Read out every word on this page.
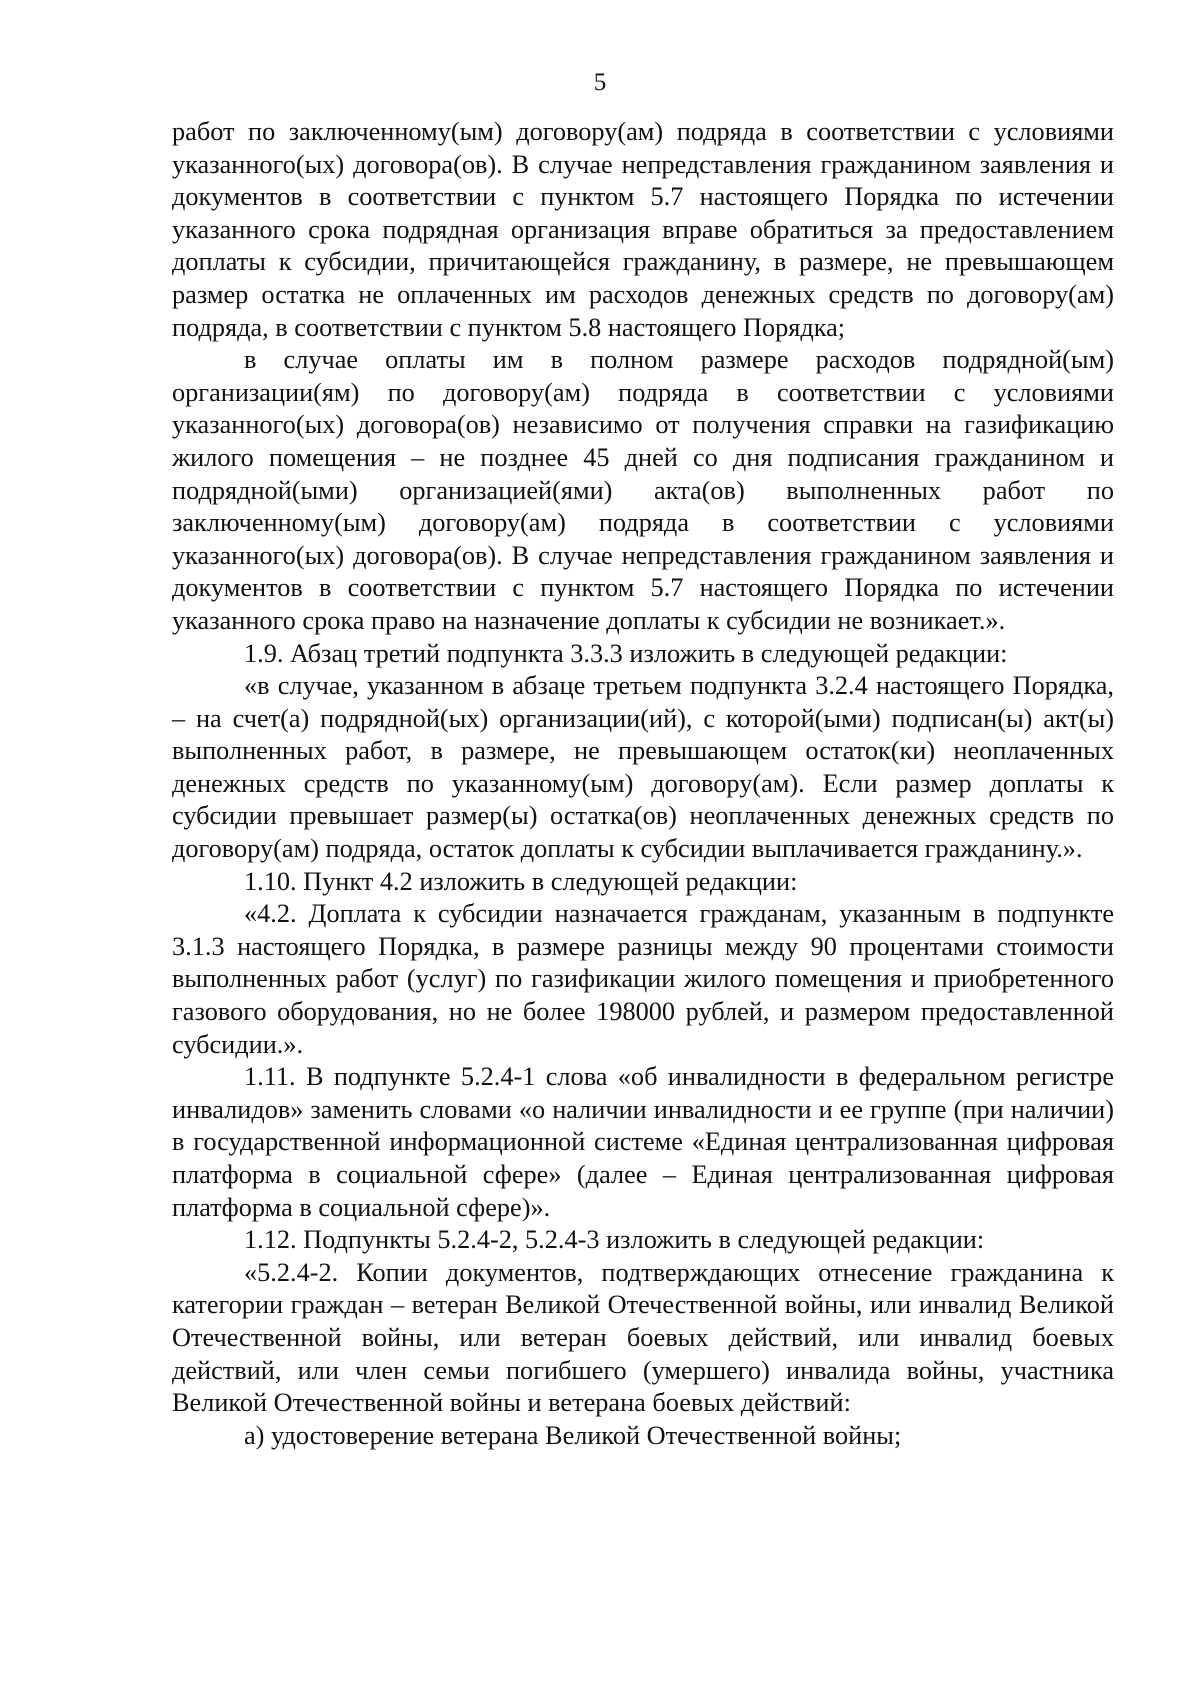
5

работ по заключенному(ым) договору(ам) подряда в соответствии с условиями указанного(ых) договора(ов). В случае непредставления гражданином заявления и документов в соответствии с пунктом 5.7 настоящего Порядка по истечении указанного срока подрядная организация вправе обратиться за предоставлением доплаты к субсидии, причитающейся гражданину, в размере, не превышающем размер остатка не оплаченных им расходов денежных средств по договору(ам) подряда, в соответствии с пунктом 5.8 настоящего Порядка;

в случае оплаты им в полном размере расходов подрядной(ым) организации(ям) по договору(ам) подряда в соответствии с условиями указанного(ых) договора(ов) независимо от получения справки на газификацию жилого помещения – не позднее 45 дней со дня подписания гражданином и подрядной(ыми) организацией(ями) акта(ов) выполненных работ по заключенному(ым) договору(ам) подряда в соответствии с условиями указанного(ых) договора(ов). В случае непредставления гражданином заявления и документов в соответствии с пунктом 5.7 настоящего Порядка по истечении указанного срока право на назначение доплаты к субсидии не возникает.».

1.9. Абзац третий подпункта 3.3.3 изложить в следующей редакции:

«в случае, указанном в абзаце третьем подпункта 3.2.4 настоящего Порядка, – на счет(а) подрядной(ых) организации(ий), с которой(ыми) подписан(ы) акт(ы) выполненных работ, в размере, не превышающем остаток(ки) неоплаченных денежных средств по указанному(ым) договору(ам). Если размер доплаты к субсидии превышает размер(ы) остатка(ов) неоплаченных денежных средств по договору(ам) подряда, остаток доплаты к субсидии выплачивается гражданину.».

1.10. Пункт 4.2 изложить в следующей редакции:

«4.2. Доплата к субсидии назначается гражданам, указанным в подпункте 3.1.3 настоящего Порядка, в размере разницы между 90 процентами стоимости выполненных работ (услуг) по газификации жилого помещения и приобретенного газового оборудования, но не более 198000 рублей, и размером предоставленной субсидии.».

1.11. В подпункте 5.2.4-1 слова «об инвалидности в федеральном регистре инвалидов» заменить словами «о наличии инвалидности и ее группе (при наличии) в государственной информационной системе «Единая централизованная цифровая платформа в социальной сфере» (далее – Единая централизованная цифровая платформа в социальной сфере)».

1.12. Подпункты 5.2.4-2, 5.2.4-3 изложить в следующей редакции:

«5.2.4-2. Копии документов, подтверждающих отнесение гражданина к категории граждан – ветеран Великой Отечественной войны, или инвалид Великой Отечественной войны, или ветеран боевых действий, или инвалид боевых действий, или член семьи погибшего (умершего) инвалида войны, участника Великой Отечественной войны и ветерана боевых действий:

а) удостоверение ветерана Великой Отечественной войны;
